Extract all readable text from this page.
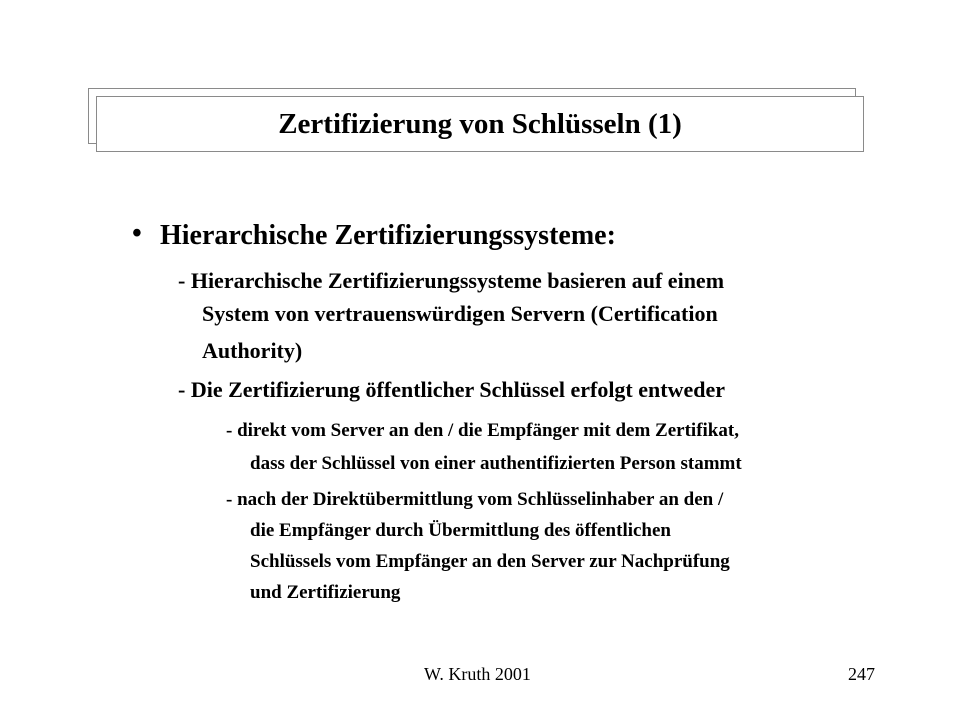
Zertifizierung von Schlüsseln (1)
• Hierarchische Zertifizierungssysteme:
- Hierarchische Zertifizierungssysteme basieren auf einem
System von vertrauenswürdigen Servern (Certification
Authority)
- Die Zertifizierung öffentlicher Schlüssel erfolgt entweder
- direkt vom Server an den / die Empfänger mit dem Zertifikat,
dass der Schlüssel von einer authentifizierten Person stammt
- nach der Direktübermittlung vom Schlüsselinhaber an den /
die Empfänger durch Übermittlung des öffentlichen
Schlüssels vom Empfänger an den Server zur Nachprüfung
und Zertifizierung
W. Kruth 2001	247
